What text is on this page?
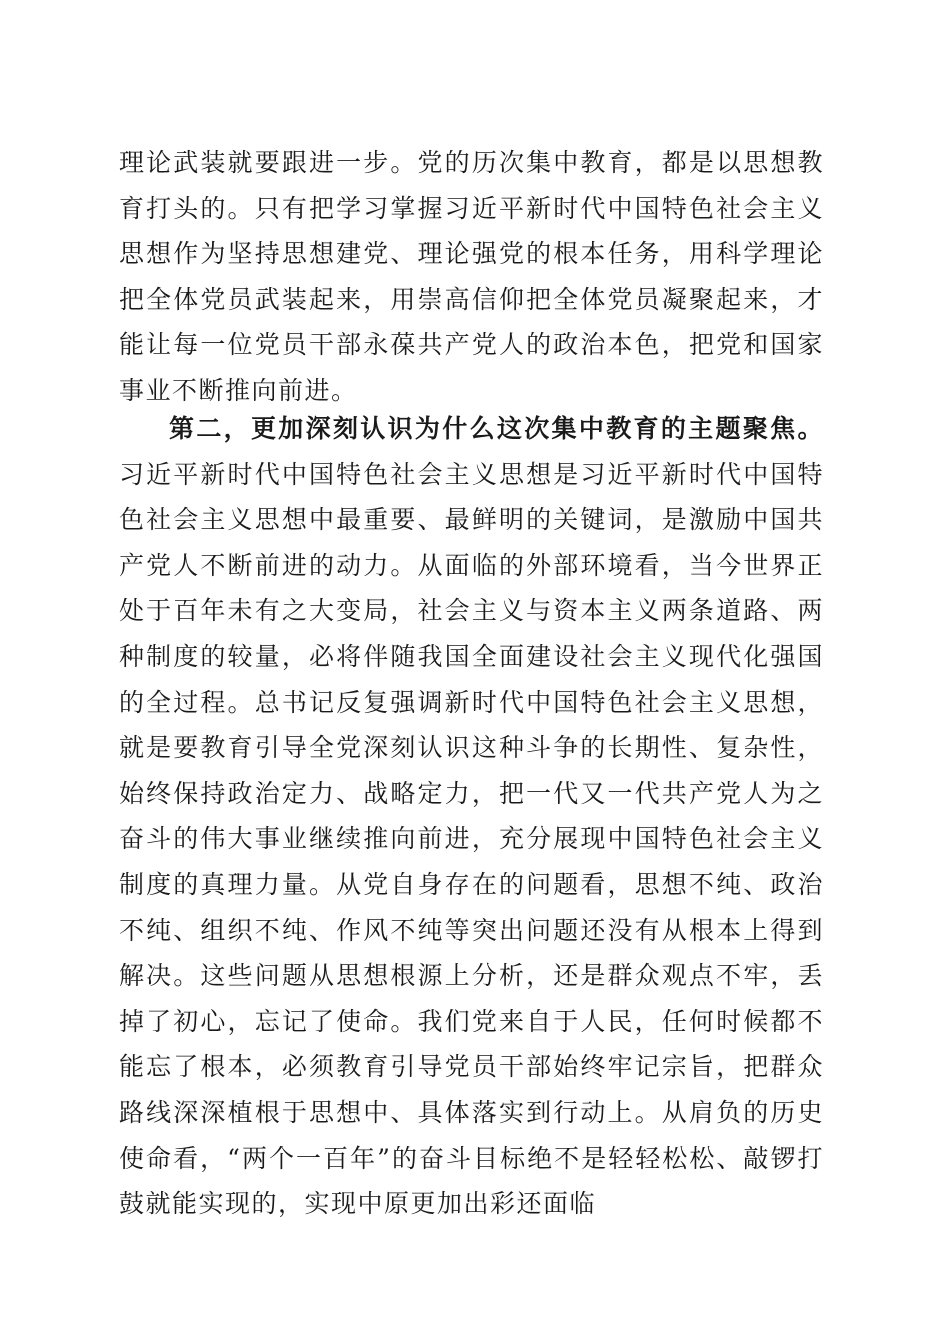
理论武装就要跟进一步。党的历次集中教育，都是以思想教育打头的。只有把学习掌握习近平新时代中国特色社会主义思想作为坚持思想建党、理论强党的根本任务，用科学理论把全体党员武装起来，用崇高信仰把全体党员凝聚起来，才能让每一位党员干部永葆共产党人的政治本色，把党和国家事业不断推向前进。

第二，更加深刻认识为什么这次集中教育的主题聚焦。习近平新时代中国特色社会主义思想是习近平新时代中国特色社会主义思想中最重要、最鲜明的关键词，是激励中国共产党人不断前进的动力。从面临的外部环境看，当今世界正处于百年未有之大变局，社会主义与资本主义两条道路、两种制度的较量，必将伴随我国全面建设社会主义现代化强国的全过程。总书记反复强调新时代中国特色社会主义思想，就是要教育引导全党深刻认识这种斗争的长期性、复杂性，始终保持政治定力、战略定力，把一代又一代共产党人为之奋斗的伟大事业继续推向前进，充分展现中国特色社会主义制度的真理力量。从党自身存在的问题看，思想不纯、政治不纯、组织不纯、作风不纯等突出问题还没有从根本上得到解决。这些问题从思想根源上分析，还是群众观点不牢，丢掉了初心，忘记了使命。我们党来自于人民，任何时候都不能忘了根本，必须教育引导党员干部始终牢记宗旨，把群众路线深深植根于思想中、具体落实到行动上。从肩负的历史使命看，“两个一百年”的奋斗目标绝不是轻轻松松、敲锣打鼓就能实现的，实现中原更加出彩还面临
